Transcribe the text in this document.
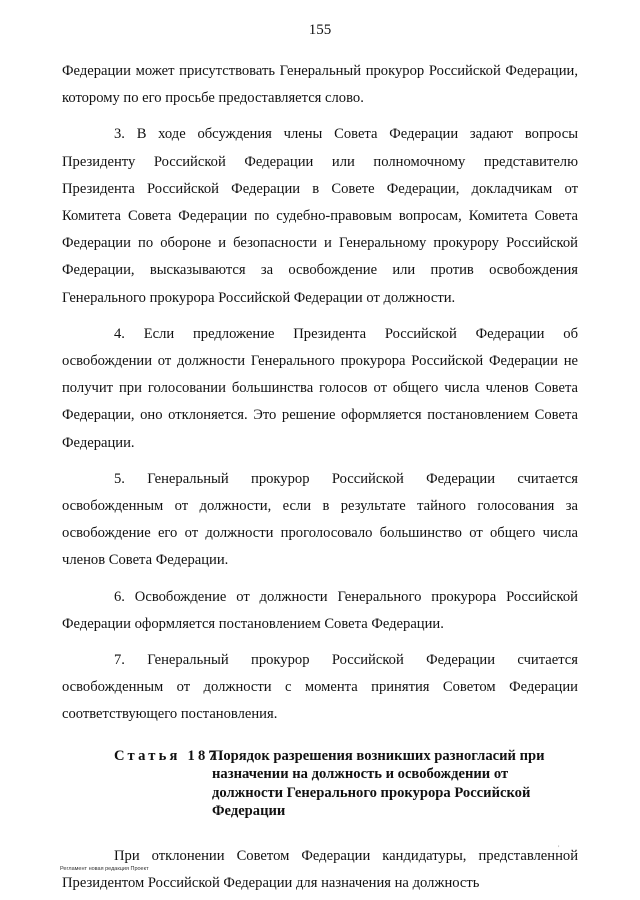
155

Федерации может присутствовать Генеральный прокурор Российской Федерации, которому по его просьбе предоставляется слово.

3. В ходе обсуждения члены Совета Федерации задают вопросы Президенту Российской Федерации или полномочному представителю Президента Российской Федерации в Совете Федерации, докладчикам от Комитета Совета Федерации по судебно-правовым вопросам, Комитета Совета Федерации по обороне и безопасности и Генеральному прокурору Российской Федерации, высказываются за освобождение или против освобождения Генерального прокурора Российской Федерации от должности.

4. Если предложение Президента Российской Федерации об освобождении от должности Генерального прокурора Российской Федерации не получит при голосовании большинства голосов от общего числа членов Совета Федерации, оно отклоняется. Это решение оформляется постановлением Совета Федерации.

5. Генеральный прокурор Российской Федерации считается освобожденным от должности, если в результате тайного голосования за освобождение его от должности проголосовало большинство от общего числа членов Совета Федерации.

6. Освобождение от должности Генерального прокурора Российской Федерации оформляется постановлением Совета Федерации.

7. Генеральный прокурор Российской Федерации считается освобожденным от должности с момента принятия Советом Федерации соответствующего постановления.

Статья 187.
Порядок разрешения возникших разногласий при назначении на должность и освобождении от должности Генерального прокурора Российской Федерации

При отклонении Советом Федерации кандидатуры, представленной Президентом Российской Федерации для назначения на должность

,
Регламент новая редакция Проект
